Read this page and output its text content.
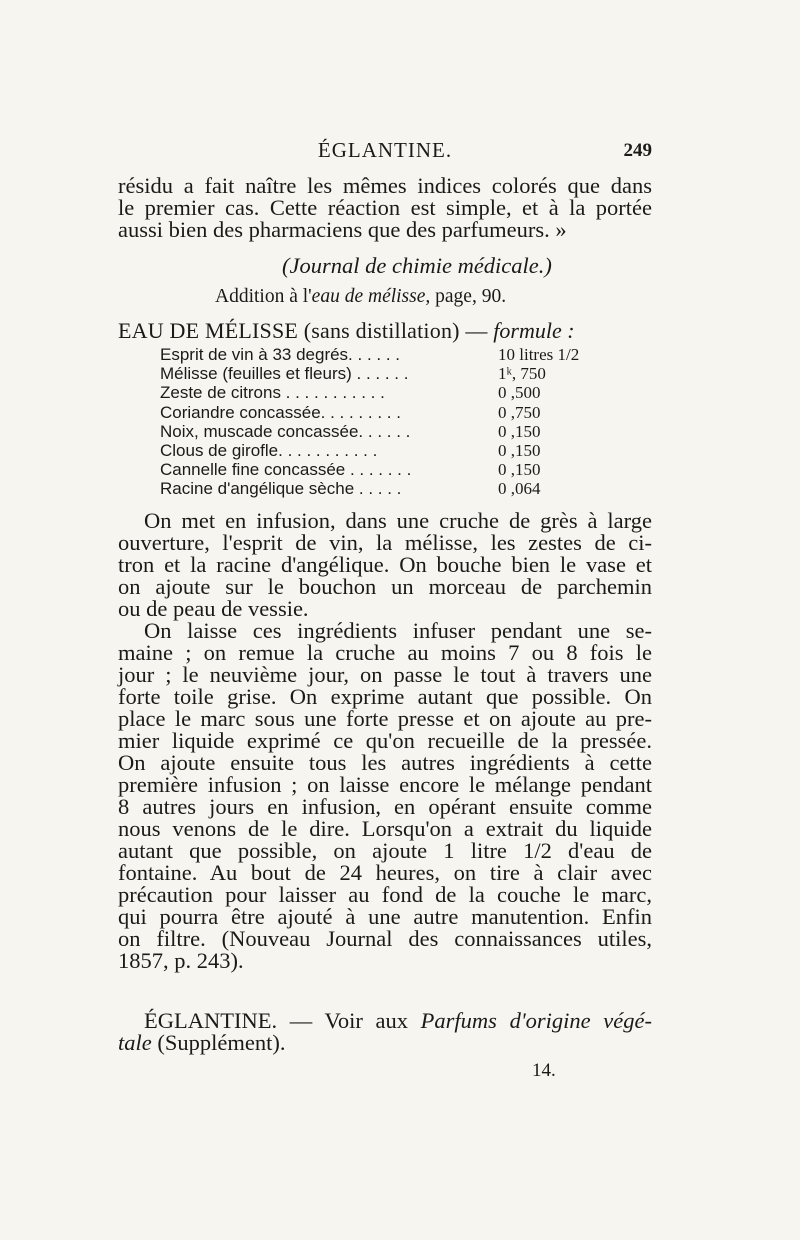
ÉGLANTINE.	249
résidu a fait naître les mêmes indices colorés que dans
le premier cas. Cette réaction est simple, et à la portée
aussi bien des pharmaciens que des parfumeurs. »
(Journal de chimie médicale.)
Addition à l'eau de mélisse, page, 90.
EAU DE MÉLISSE (sans distillation) — formule :
Esprit de vin à 33 degrés. . . . . .	10 litres 1/2
Mélisse (feuilles et fleurs) . . . . . .	1ᵏ, 750
Zeste de citrons . . . . . . . . . . .	0 ,500
Coriandre concassée. . . . . . . . .	0 ,750
Noix, muscade concassée. . . . . .	0 ,150
Clous de girofle. . . . . . . . . . .	0 ,150
Cannelle fine concassée . . . . . . .	0 ,150
Racine d'angélique sèche . . . . .	0 ,064
On met en infusion, dans une cruche de grès à large
ouverture, l'esprit de vin, la mélisse, les zestes de ci-
tron et la racine d'angélique. On bouche bien le vase et
on ajoute sur le bouchon un morceau de parchemin
ou de peau de vessie.
On laisse ces ingrédients infuser pendant une se-
maine ; on remue la cruche au moins 7 ou 8 fois le
jour ; le neuvième jour, on passe le tout à travers une
forte toile grise. On exprime autant que possible. On
place le marc sous une forte presse et on ajoute au pre-
mier liquide exprimé ce qu'on recueille de la pressée.
On ajoute ensuite tous les autres ingrédients à cette
première infusion ; on laisse encore le mélange pendant
8 autres jours en infusion, en opérant ensuite comme
nous venons de le dire. Lorsqu'on a extrait du liquide
autant que possible, on ajoute 1 litre 1/2 d'eau de
fontaine. Au bout de 24 heures, on tire à clair avec
précaution pour laisser au fond de la couche le marc,
qui pourra être ajouté à une autre manutention. Enfin
on filtre. (Nouveau Journal des connaissances utiles,
1857, p. 243).
ÉGLANTINE. — Voir aux Parfums d'origine végé-
tale (Supplément).
14.
